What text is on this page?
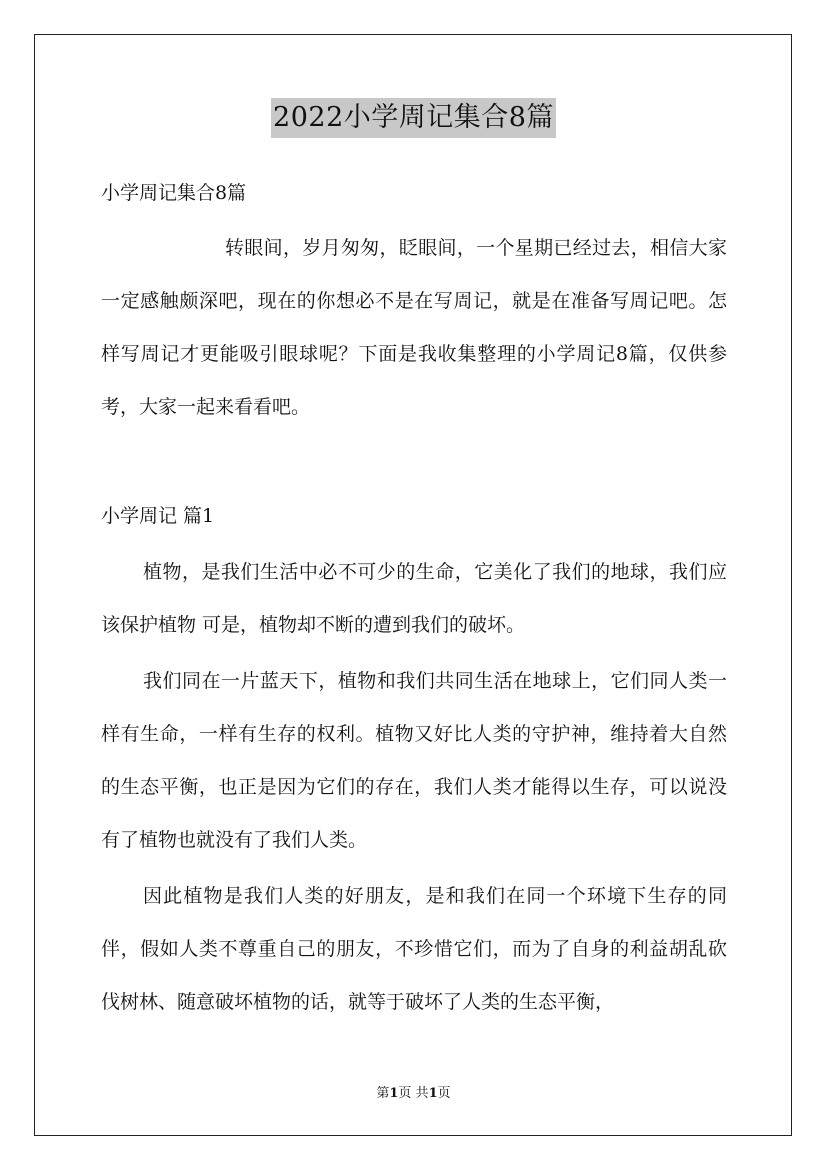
2022小学周记集合8篇

小学周记集合8篇

转眼间，岁月匆匆，眨眼间，一个星期已经过去，相信大家一定感触颇深吧，现在的你想必不是在写周记，就是在准备写周记吧。怎样写周记才更能吸引眼球呢？下面是我收集整理的小学周记8篇，仅供参考，大家一起来看看吧。

小学周记 篇1

植物，是我们生活中必不可少的生命，它美化了我们的地球，我们应该保护植物 可是，植物却不断的遭到我们的破坏。

我们同在一片蓝天下，植物和我们共同生活在地球上，它们同人类一样有生命，一样有生存的权利。植物又好比人类的守护神，维持着大自然的生态平衡，也正是因为它们的存在，我们人类才能得以生存，可以说没有了植物也就没有了我们人类。

因此植物是我们人类的好朋友，是和我们在同一个环境下生存的同伴，假如人类不尊重自己的朋友，不珍惜它们，而为了自身的利益胡乱砍伐树林、随意破坏植物的话，就等于破坏了人类的生态平衡，

第1页 共1页
